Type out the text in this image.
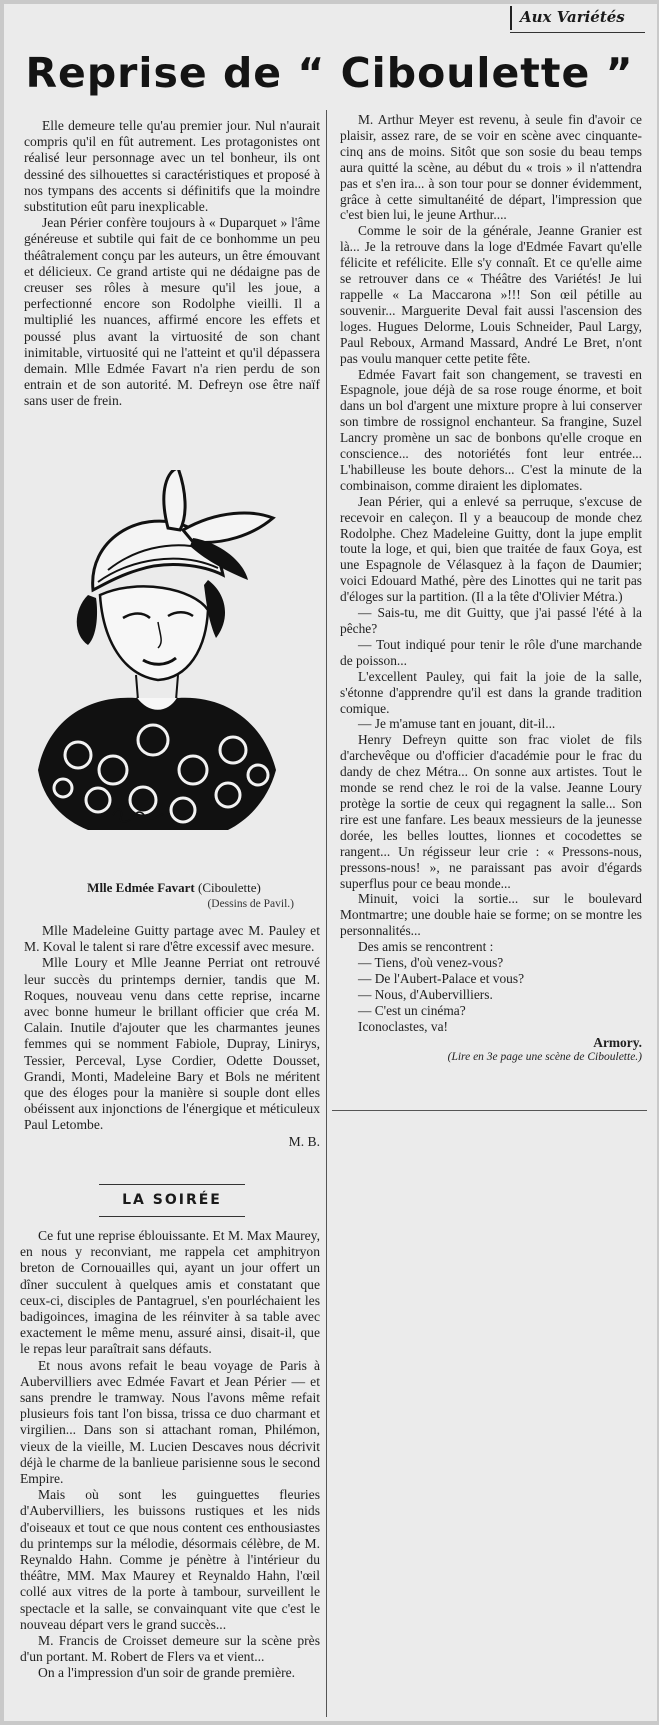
Aux Variétés
Reprise de “ Ciboulette ”

Elle demeure telle qu'au premier jour. Nul n'aurait compris qu'il en fût autrement. Les protagonistes ont réalisé leur personnage avec un tel bonheur, ils ont dessiné des silhouettes si caractéristiques et proposé à nos tympans des accents si définitifs que la moindre substitution eût paru inexplicable.

Jean Périer confère toujours à « Duparquet » l'âme généreuse et subtile qui fait de ce bonhomme un peu théâtralement conçu par les auteurs, un être émouvant et délicieux. Ce grand artiste qui ne dédaigne pas de creuser ses rôles à mesure qu'il les joue, a perfectionné encore son Rodolphe vieilli. Il a multiplié les nuances, affirmé encore les effets et poussé plus avant la virtuosité de son chant inimitable, virtuosité qui ne l'atteint et qu'il dépassera demain. Mlle Edmée Favart n'a rien perdu de son entrain et de son autorité. M. Defreyn ose être naïf sans user de frein.

Mlle Edmée Favart (Ciboulette)
(Dessins de Pavil.)

Mlle Madeleine Guitty partage avec M. Pauley et M. Koval le talent si rare d'être excessif avec mesure.

Mlle Loury et Mlle Jeanne Perriat ont retrouvé leur succès du printemps dernier, tandis que M. Roques, nouveau venu dans cette reprise, incarne avec bonne humeur le brillant officier que créa M. Calain. Inutile d'ajouter que les charmantes jeunes femmes qui se nomment Fabiole, Dupray, Linirys, Tessier, Perceval, Lyse Cordier, Odette Dousset, Grandi, Monti, Madeleine Bary et Bols ne méritent que des éloges pour la manière si souple dont elles obéissent aux injonctions de l'énergique et méticuleux Paul Letombe.

M. B.

LA SOIRÉE

Ce fut une reprise éblouissante. Et M. Max Maurey, en nous y reconviant, me rappela cet amphitryon breton de Cornouailles qui, ayant un jour offert un dîner succulent à quelques amis et constatant que ceux-ci, disciples de Pantagruel, s'en pourléchaient les badigoinces, imagina de les réinviter à sa table avec exactement le même menu, assuré ainsi, disait-il, que le repas leur paraîtrait sans défauts.

Et nous avons refait le beau voyage de Paris à Aubervilliers avec Edmée Favart et Jean Périer — et sans prendre le tramway. Nous l'avons même refait plusieurs fois tant l'on bissa, trissa ce duo charmant et virgilien... Dans son si attachant roman, Philémon, vieux de la vieille, M. Lucien Descaves nous décrivit déjà le charme de la banlieue parisienne sous le second Empire.

Mais où sont les guinguettes fleuries d'Aubervilliers, les buissons rustiques et les nids d'oiseaux et tout ce que nous content ces enthousiastes du printemps sur la mélodie, désormais célèbre, de M. Reynaldo Hahn. Comme je pénètre à l'intérieur du théâtre, MM. Max Maurey et Reynaldo Hahn, l'œil collé aux vitres de la porte à tambour, surveillent le spectacle et la salle, se convainquant vite que c'est le nouveau départ vers le grand succès...

M. Francis de Croisset demeure sur la scène près d'un portant. M. Robert de Flers va et vient...

On a l'impression d'un soir de grande première.

M. Arthur Meyer est revenu, à seule fin d'avoir ce plaisir, assez rare, de se voir en scène avec cinquante-cinq ans de moins. Sitôt que son sosie du beau temps aura quitté la scène, au début du « trois » il n'attendra pas et s'en ira... à son tour pour se donner évidemment, grâce à cette simultanéité de départ, l'impression que c'est bien lui, le jeune Arthur....

Comme le soir de la générale, Jeanne Granier est là... Je la retrouve dans la loge d'Edmée Favart qu'elle félicite et refélicite. Elle s'y connaît. Et ce qu'elle aime se retrouver dans ce « Théâtre des Variétés! Je lui rappelle « La Maccarona »!!! Son œil pétille au souvenir... Marguerite Deval fait aussi l'ascension des loges. Hugues Delorme, Louis Schneider, Paul Largy, Paul Reboux, Armand Massard, André Le Bret, n'ont pas voulu manquer cette petite fête.

Edmée Favart fait son changement, se travesti en Espagnole, joue déjà de sa rose rouge énorme, et boit dans un bol d'argent une mixture propre à lui conserver son timbre de rossignol enchanteur. Sa frangine, Suzel Lancry promène un sac de bonbons qu'elle croque en conscience... des notoriétés font leur entrée... L'habilleuse les boute dehors... C'est la minute de la combinaison, comme diraient les diplomates.

Jean Périer, qui a enlevé sa perruque, s'excuse de recevoir en caleçon. Il y a beaucoup de monde chez Rodolphe. Chez Madeleine Guitty, dont la jupe emplit toute la loge, et qui, bien que traitée de faux Goya, est une Espagnole de Vélasquez à la façon de Daumier; voici Edouard Mathé, père des Linottes qui ne tarit pas d'éloges sur la partition. (Il a la tête d'Olivier Métra.)

— Sais-tu, me dit Guitty, que j'ai passé l'été à la pêche?

— Tout indiqué pour tenir le rôle d'une marchande de poisson...

L'excellent Pauley, qui fait la joie de la salle, s'étonne d'apprendre qu'il est dans la grande tradition comique.

— Je m'amuse tant en jouant, dit-il...

Henry Defreyn quitte son frac violet de fils d'archevêque ou d'officier d'académie pour le frac du dandy de chez Métra... On sonne aux artistes. Tout le monde se rend chez le roi de la valse. Jeanne Loury protège la sortie de ceux qui regagnent la salle... Son rire est une fanfare. Les beaux messieurs de la jeunesse dorée, les belles louttes, lionnes et cocodettes se rangent... Un régisseur leur crie : « Pressons-nous, pressons-nous! », ne paraissant pas avoir d'égards superflus pour ce beau monde...

Minuit, voici la sortie... sur le boulevard Montmartre; une double haie se forme; on se montre les personnalités...

Des amis se rencontrent :

— Tiens, d'où venez-vous?

— De l'Aubert-Palace et vous?

— Nous, d'Aubervilliers.

— C'est un cinéma?

Iconoclastes, va!

Armory.

(Lire en 3e page une scène de Ciboulette.)
